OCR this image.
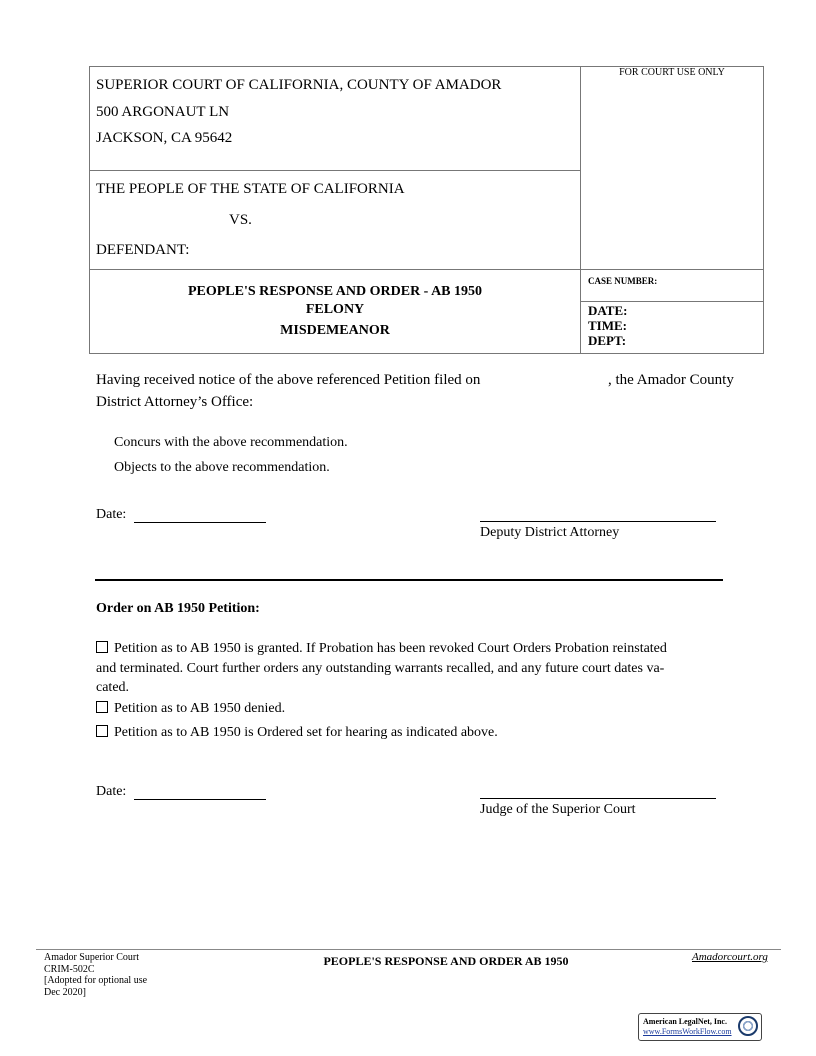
SUPERIOR COURT OF CALIFORNIA, COUNTY OF AMADOR
500 ARGONAUT LN
JACKSON, CA 95642
THE PEOPLE OF THE STATE OF CALIFORNIA
VS.
DEFENDANT:
FOR COURT USE ONLY
PEOPLE'S RESPONSE AND ORDER - AB 1950
FELONY
MISDEMEANOR
CASE NUMBER:
DATE:
TIME:
DEPT:
Having received notice of the above referenced Petition filed on	, the Amador County
District Attorney’s Office:
Concurs with the above recommendation.
Objects to the above recommendation.
Date:
Deputy District Attorney
Order on AB 1950 Petition:
Petition as to AB 1950 is granted. If Probation has been revoked Court Orders Probation reinstated
and terminated. Court further orders any outstanding warrants recalled, and any future court dates va-
cated.
Petition as to AB 1950 denied.
Petition as to AB 1950 is Ordered set for hearing as indicated above.
Date:
Judge of the Superior Court
Amador Superior Court
CRIM-502C
[Adopted for optional use
Dec 2020]
PEOPLE'S RESPONSE AND ORDER AB 1950	Amadorcourt.org
American LegalNet, Inc.
www.FormsWorkFlow.com
